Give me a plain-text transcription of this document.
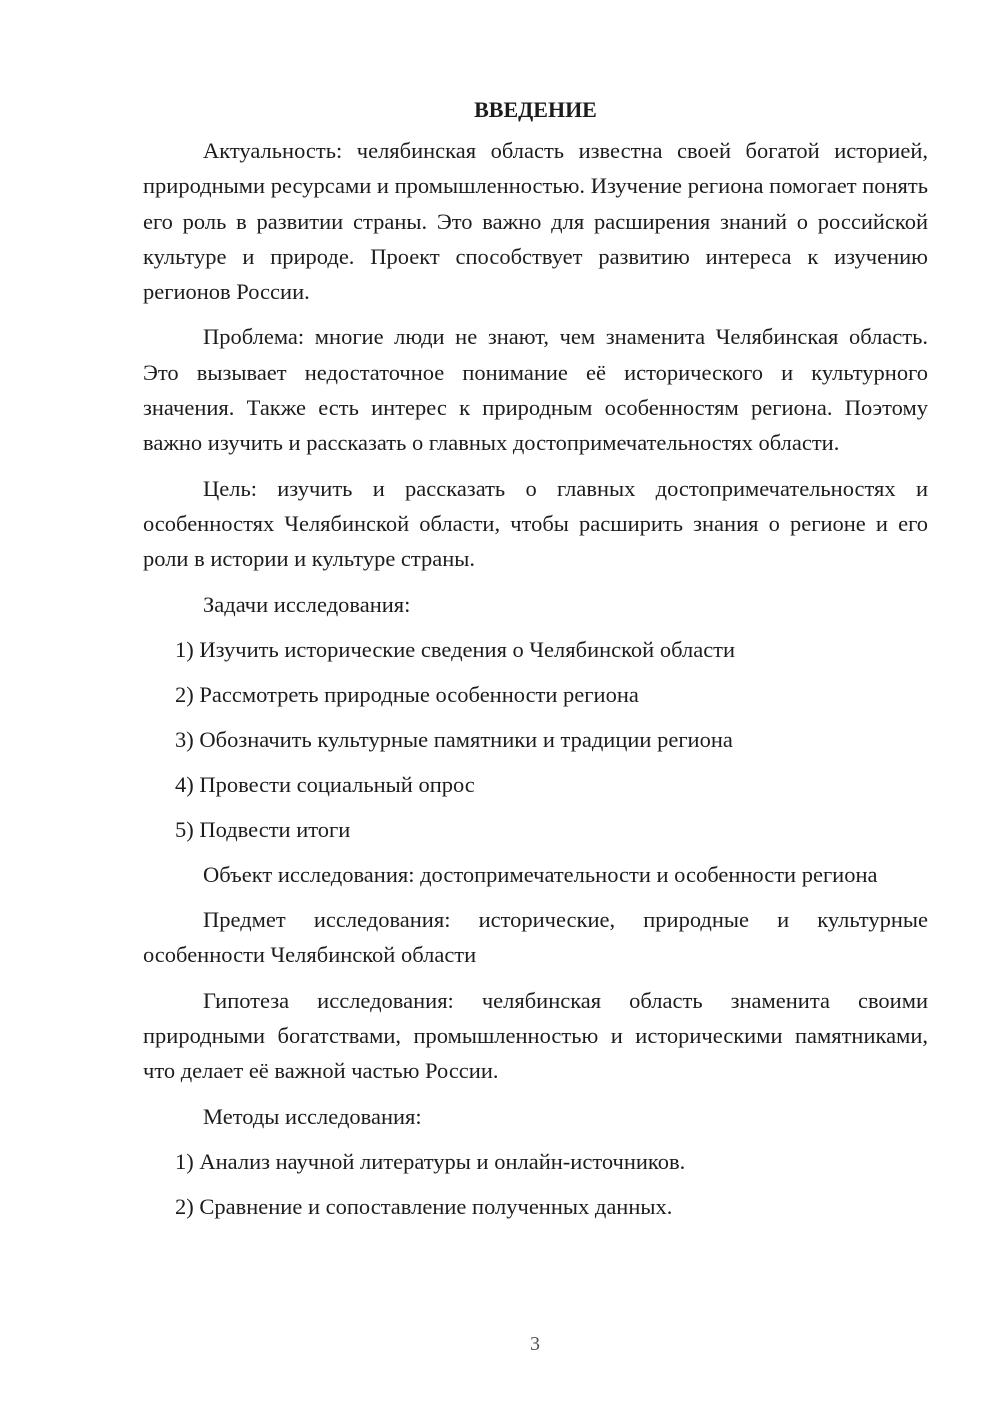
ВВЕДЕНИЕ

Актуальность: челябинская область известна своей богатой историей, природными ресурсами и промышленностью. Изучение региона помогает понять его роль в развитии страны. Это важно для расширения знаний о российской культуре и природе. Проект способствует развитию интереса к изучению регионов России.

Проблема: многие люди не знают, чем знаменита Челябинская область. Это вызывает недостаточное понимание её исторического и культурного значения. Также есть интерес к природным особенностям региона. Поэтому важно изучить и рассказать о главных достопримечательностях области.

Цель: изучить и рассказать о главных достопримечательностях и особенностях Челябинской области, чтобы расширить знания о регионе и его роли в истории и культуре страны.

Задачи исследования:

1) Изучить исторические сведения о Челябинской области
2) Рассмотреть природные особенности региона
3) Обозначить культурные памятники и традиции региона
4) Провести социальный опрос
5) Подвести итоги

Объект исследования: достопримечательности и особенности региона

Предмет исследования: исторические, природные и культурные особенности Челябинской области

Гипотеза исследования: челябинская область знаменита своими природными богатствами, промышленностью и историческими памятниками, что делает её важной частью России.

Методы исследования:

1) Анализ научной литературы и онлайн-источников.
2) Сравнение и сопоставление полученных данных.
3
